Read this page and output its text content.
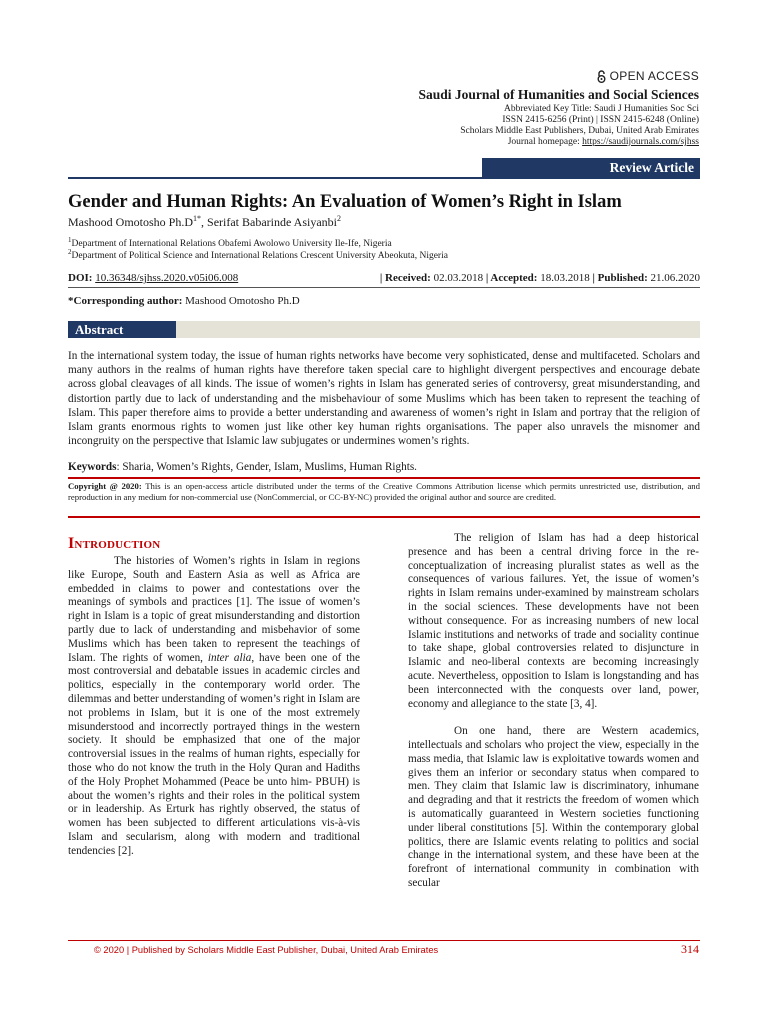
OPEN ACCESS
Saudi Journal of Humanities and Social Sciences
Abbreviated Key Title: Saudi J Humanities Soc Sci
ISSN 2415-6256 (Print) | ISSN 2415-6248 (Online)
Scholars Middle East Publishers, Dubai, United Arab Emirates
Journal homepage: https://saudijournals.com/sjhss
Review Article
Gender and Human Rights: An Evaluation of Women’s Right in Islam
Mashood Omotosho $Ph.D^{1*}$, Serifat Babarinde Asiyanbi$^2$
$^1$Department of International Relations Obafemi Awolowo University Ile-Ife, Nigeria
$^2$Department of Political Science and International Relations Crescent University Abeokuta, Nigeria
DOI: 10.36348/sjhss.2020.v05i06.008	| Received: 02.03.2018 | Accepted: 18.03.2018 | Published: 21.06.2020
*Corresponding author: Mashood Omotosho Ph.D
Abstract
In the international system today, the issue of human rights networks have become very sophisticated, dense and multifaceted. Scholars and many authors in the realms of human rights have therefore taken special care to highlight divergent perspectives and encourage debate across global cleavages of all kinds. The issue of women’s rights in Islam has generated series of controversy, great misunderstanding, and distortion partly due to lack of understanding and the misbehaviour of some Muslims which has been taken to represent the teaching of Islam. This paper therefore aims to provide a better understanding and awareness of women’s right in Islam and portray that the religion of Islam grants enormous rights to women just like other key human rights organisations. The paper also unravels the misnomer and incongruity on the perspective that Islamic law subjugates or undermines women’s rights.
Keywords: Sharia, Women’s Rights, Gender, Islam, Muslims, Human Rights.
Copyright @ 2020: This is an open-access article distributed under the terms of the Creative Commons Attribution license which permits unrestricted use, distribution, and reproduction in any medium for non-commercial use (NonCommercial, or CC-BY-NC) provided the original author and source are credited.
Introduction

The histories of Women’s rights in Islam in regions like Europe, South and Eastern Asia as well as Africa are embedded in claims to power and contestations over the meanings of symbols and practices [1]. The issue of women’s right in Islam is a topic of great misunderstanding and distortion partly due to lack of understanding and misbehavior of some Muslims which has been taken to represent the teachings of Islam. The rights of women, inter alia, have been one of the most controversial and debatable issues in academic circles and politics, especially in the contemporary world order. The dilemmas and better understanding of women’s right in Islam are not problems in Islam, but it is one of the most extremely misunderstood and incorrectly portrayed things in the western society. It should be emphasized that one of the major controversial issues in the realms of human rights, especially for those who do not know the truth in the Holy Quran and Hadiths of the Holy Prophet Mohammed (Peace be unto him- PBUH) is about the women’s rights and their roles in the political system or in leadership. As Erturk has rightly observed, the status of women has been subjected to different articulations vis-à-vis Islam and secularism, along with modern and traditional tendencies [2].

The religion of Islam has had a deep historical presence and has been a central driving force in the re-conceptualization of increasing pluralist states as well as the consequences of various failures. Yet, the issue of women’s rights in Islam remains under-examined by mainstream scholars in the social sciences. These developments have not been without consequence. For as increasing numbers of new local Islamic institutions and networks of trade and sociality continue to take shape, global controversies related to disjuncture in Islamic and neo-liberal contexts are becoming increasingly acute. Nevertheless, opposition to Islam is longstanding and has been interconnected with the conquests over land, power, economy and allegiance to the state [3, 4].

On one hand, there are Western academics, intellectuals and scholars who project the view, especially in the mass media, that Islamic law is exploitative towards women and gives them an inferior or secondary status when compared to men. They claim that Islamic law is discriminatory, inhumane and degrading and that it restricts the freedom of women which is automatically guaranteed in Western societies functioning under liberal constitutions [5]. Within the contemporary global politics, there are Islamic events relating to politics and social change in the international system, and these have been at the forefront of international community in combination with secular

© 2020 | Published by Scholars Middle East Publisher, Dubai, United Arab Emirates	314
